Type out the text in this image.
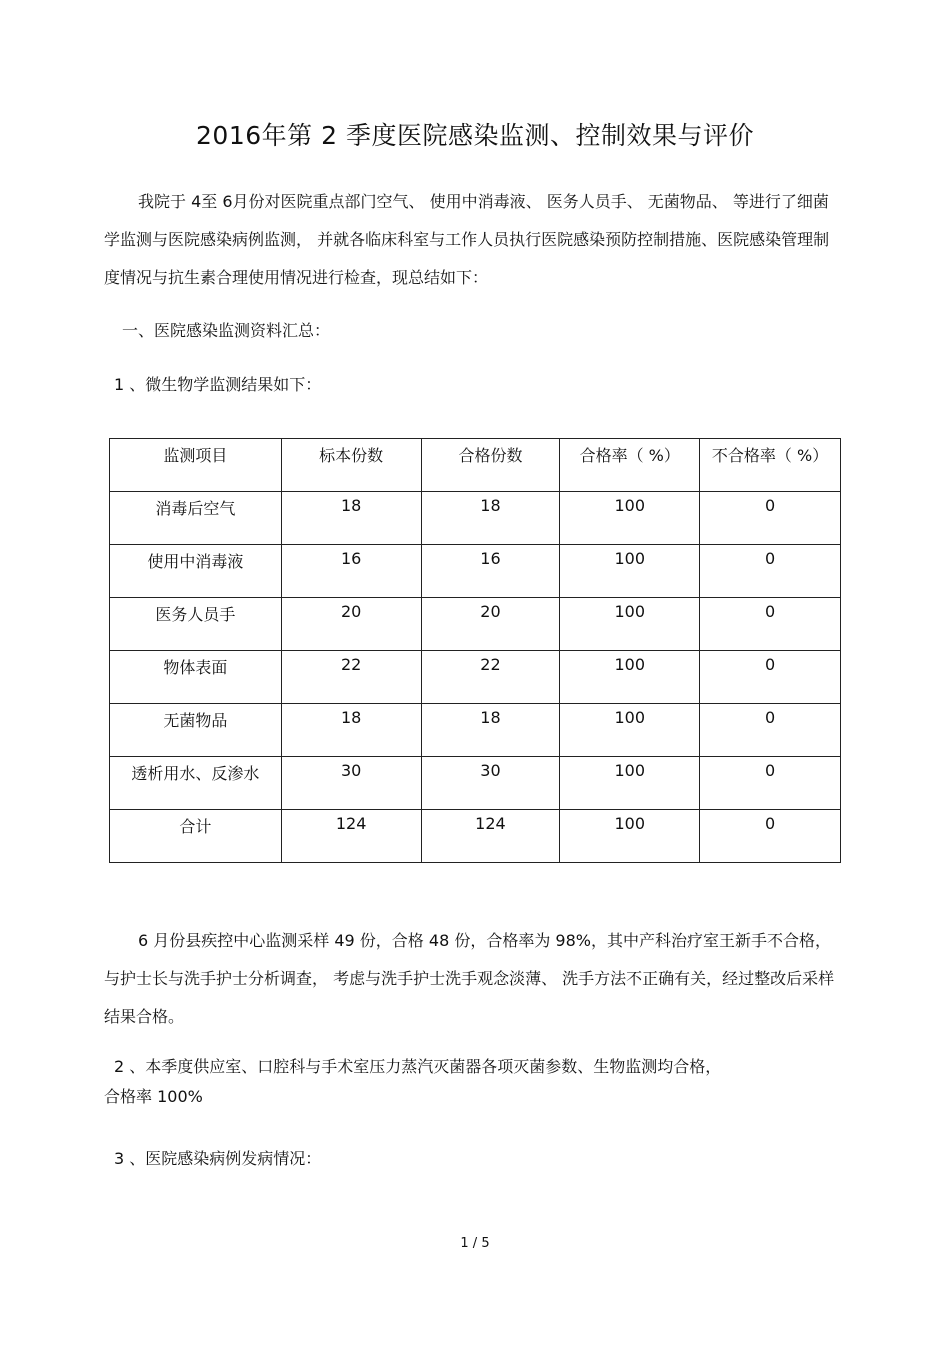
2016年第 2 季度医院感染监测、控制效果与评价

我院于 4至 6月份对医院重点部门空气、 使用中消毒液、 医务人员手、 无菌物品、 等进行了细菌学监测与医院感染病例监测， 并就各临床科室与工作人员执行医院感染预防控制措施、医院感染管理制度情况与抗生素合理使用情况进行检查，现总结如下：

一、医院感染监测资料汇总：

1 、微生物学监测结果如下：

监测项目	标本份数	合格份数	合格率（ %）	不合格率（ %）
消毒后空气	18	18	100	0
使用中消毒液	16	16	100	0
医务人员手	20	20	100	0
物体表面	22	22	100	0
无菌物品	18	18	100	0
透析用水、反渗水	30	30	100	0
合计	124	124	100	0

6 月份县疾控中心监测采样 49 份，合格 48 份，合格率为 98%，其中产科治疗室王新手不合格， 与护士长与洗手护士分析调查， 考虑与洗手护士洗手观念淡薄、 洗手方法不正确有关，经过整改后采样结果合格。

2 、本季度供应室、口腔科与手术室压力蒸汽灭菌器各项灭菌参数、生物监测均合格，
合格率 100%

3 、医院感染病例发病情况：

1 / 5
